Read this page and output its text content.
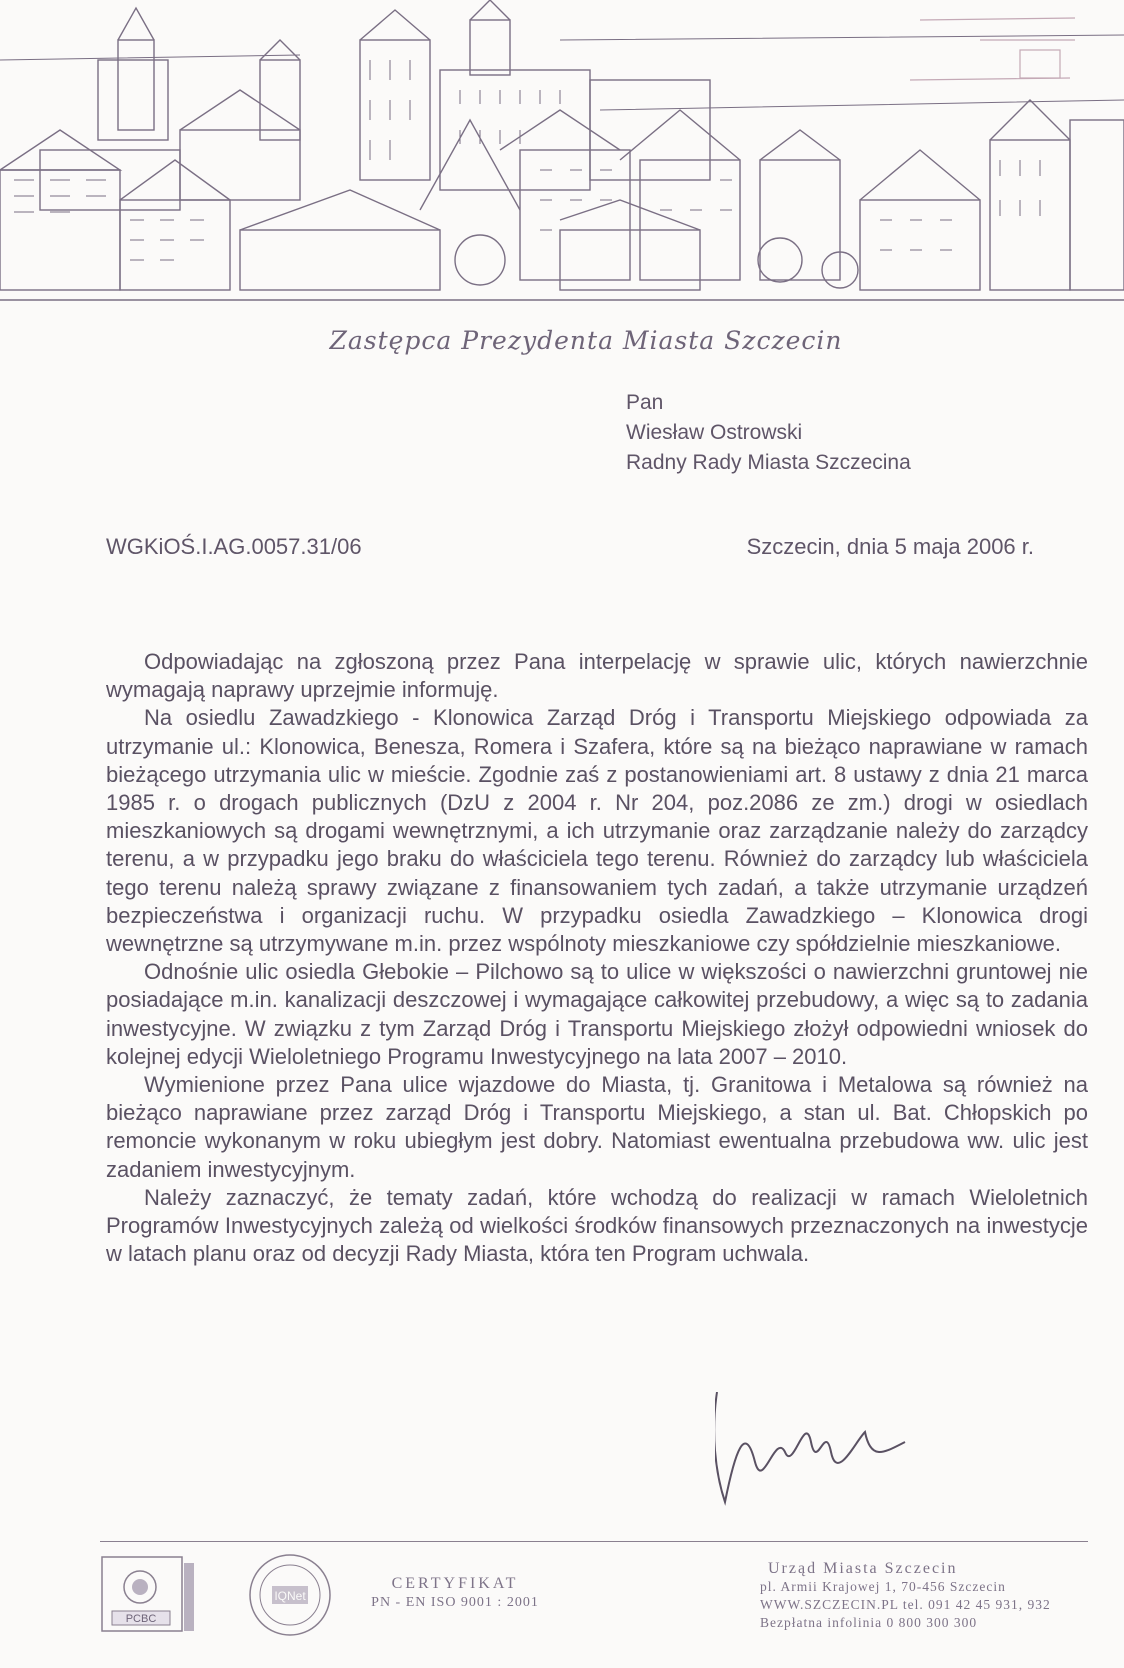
Zastępca Prezydenta Miasta Szczecin
Pan
Wiesław Ostrowski
Radny Rady Miasta Szczecina
WGKiOŚ.I.AG.0057.31/06	Szczecin, dnia 5 maja 2006 r.

Odpowiadając na zgłoszoną przez Pana interpelację w sprawie ulic, których nawierzchnie wymagają naprawy uprzejmie informuję.

Na osiedlu Zawadzkiego - Klonowica Zarząd Dróg i Transportu Miejskiego odpowiada za utrzymanie ul.: Klonowica, Benesza, Romera i Szafera, które są na bieżąco naprawiane w ramach bieżącego utrzymania ulic w mieście. Zgodnie zaś z postanowieniami art. 8 ustawy z dnia 21 marca 1985 r. o drogach publicznych (DzU z 2004 r. Nr 204, poz.2086 ze zm.) drogi w osiedlach mieszkaniowych są drogami wewnętrznymi, a ich utrzymanie oraz zarządzanie należy do zarządcy terenu, a w przypadku jego braku do właściciela tego terenu. Również do zarządcy lub właściciela tego terenu należą sprawy związane z finansowaniem tych zadań, a także utrzymanie urządzeń bezpieczeństwa i organizacji ruchu. W przypadku osiedla Zawadzkiego – Klonowica drogi wewnętrzne są utrzymywane m.in. przez wspólnoty mieszkaniowe czy spółdzielnie mieszkaniowe.

Odnośnie ulic osiedla Głebokie – Pilchowo są to ulice w większości o nawierzchni gruntowej nie posiadające m.in. kanalizacji deszczowej i wymagające całkowitej przebudowy, a więc są to zadania inwestycyjne. W związku z tym Zarząd Dróg i Transportu Miejskiego złożył odpowiedni wniosek do kolejnej edycji Wieloletniego Programu Inwestycyjnego na lata 2007 – 2010.

Wymienione przez Pana ulice wjazdowe do Miasta, tj. Granitowa i Metalowa są również na bieżąco naprawiane przez zarząd Dróg i Transportu Miejskiego, a stan ul. Bat. Chłopskich po remoncie wykonanym w roku ubiegłym jest dobry. Natomiast ewentualna przebudowa ww. ulic jest zadaniem inwestycyjnym.

Należy zaznaczyć, że tematy zadań, które wchodzą do realizacji w ramach Wieloletnich Programów Inwestycyjnych zależą od wielkości środków finansowych przeznaczonych na inwestycje w latach planu oraz od decyzji Rady Miasta, która ten Program uchwala.

PCBC
IQNet
CERTYFIKAT
PN - EN ISO 9001 : 2001
Urząd Miasta Szczecin
pl. Armii Krajowej 1, 70-456 Szczecin
WWW.SZCZECIN.PL tel. 091 42 45 931, 932
Bezpłatna infolinia 0 800 300 300
